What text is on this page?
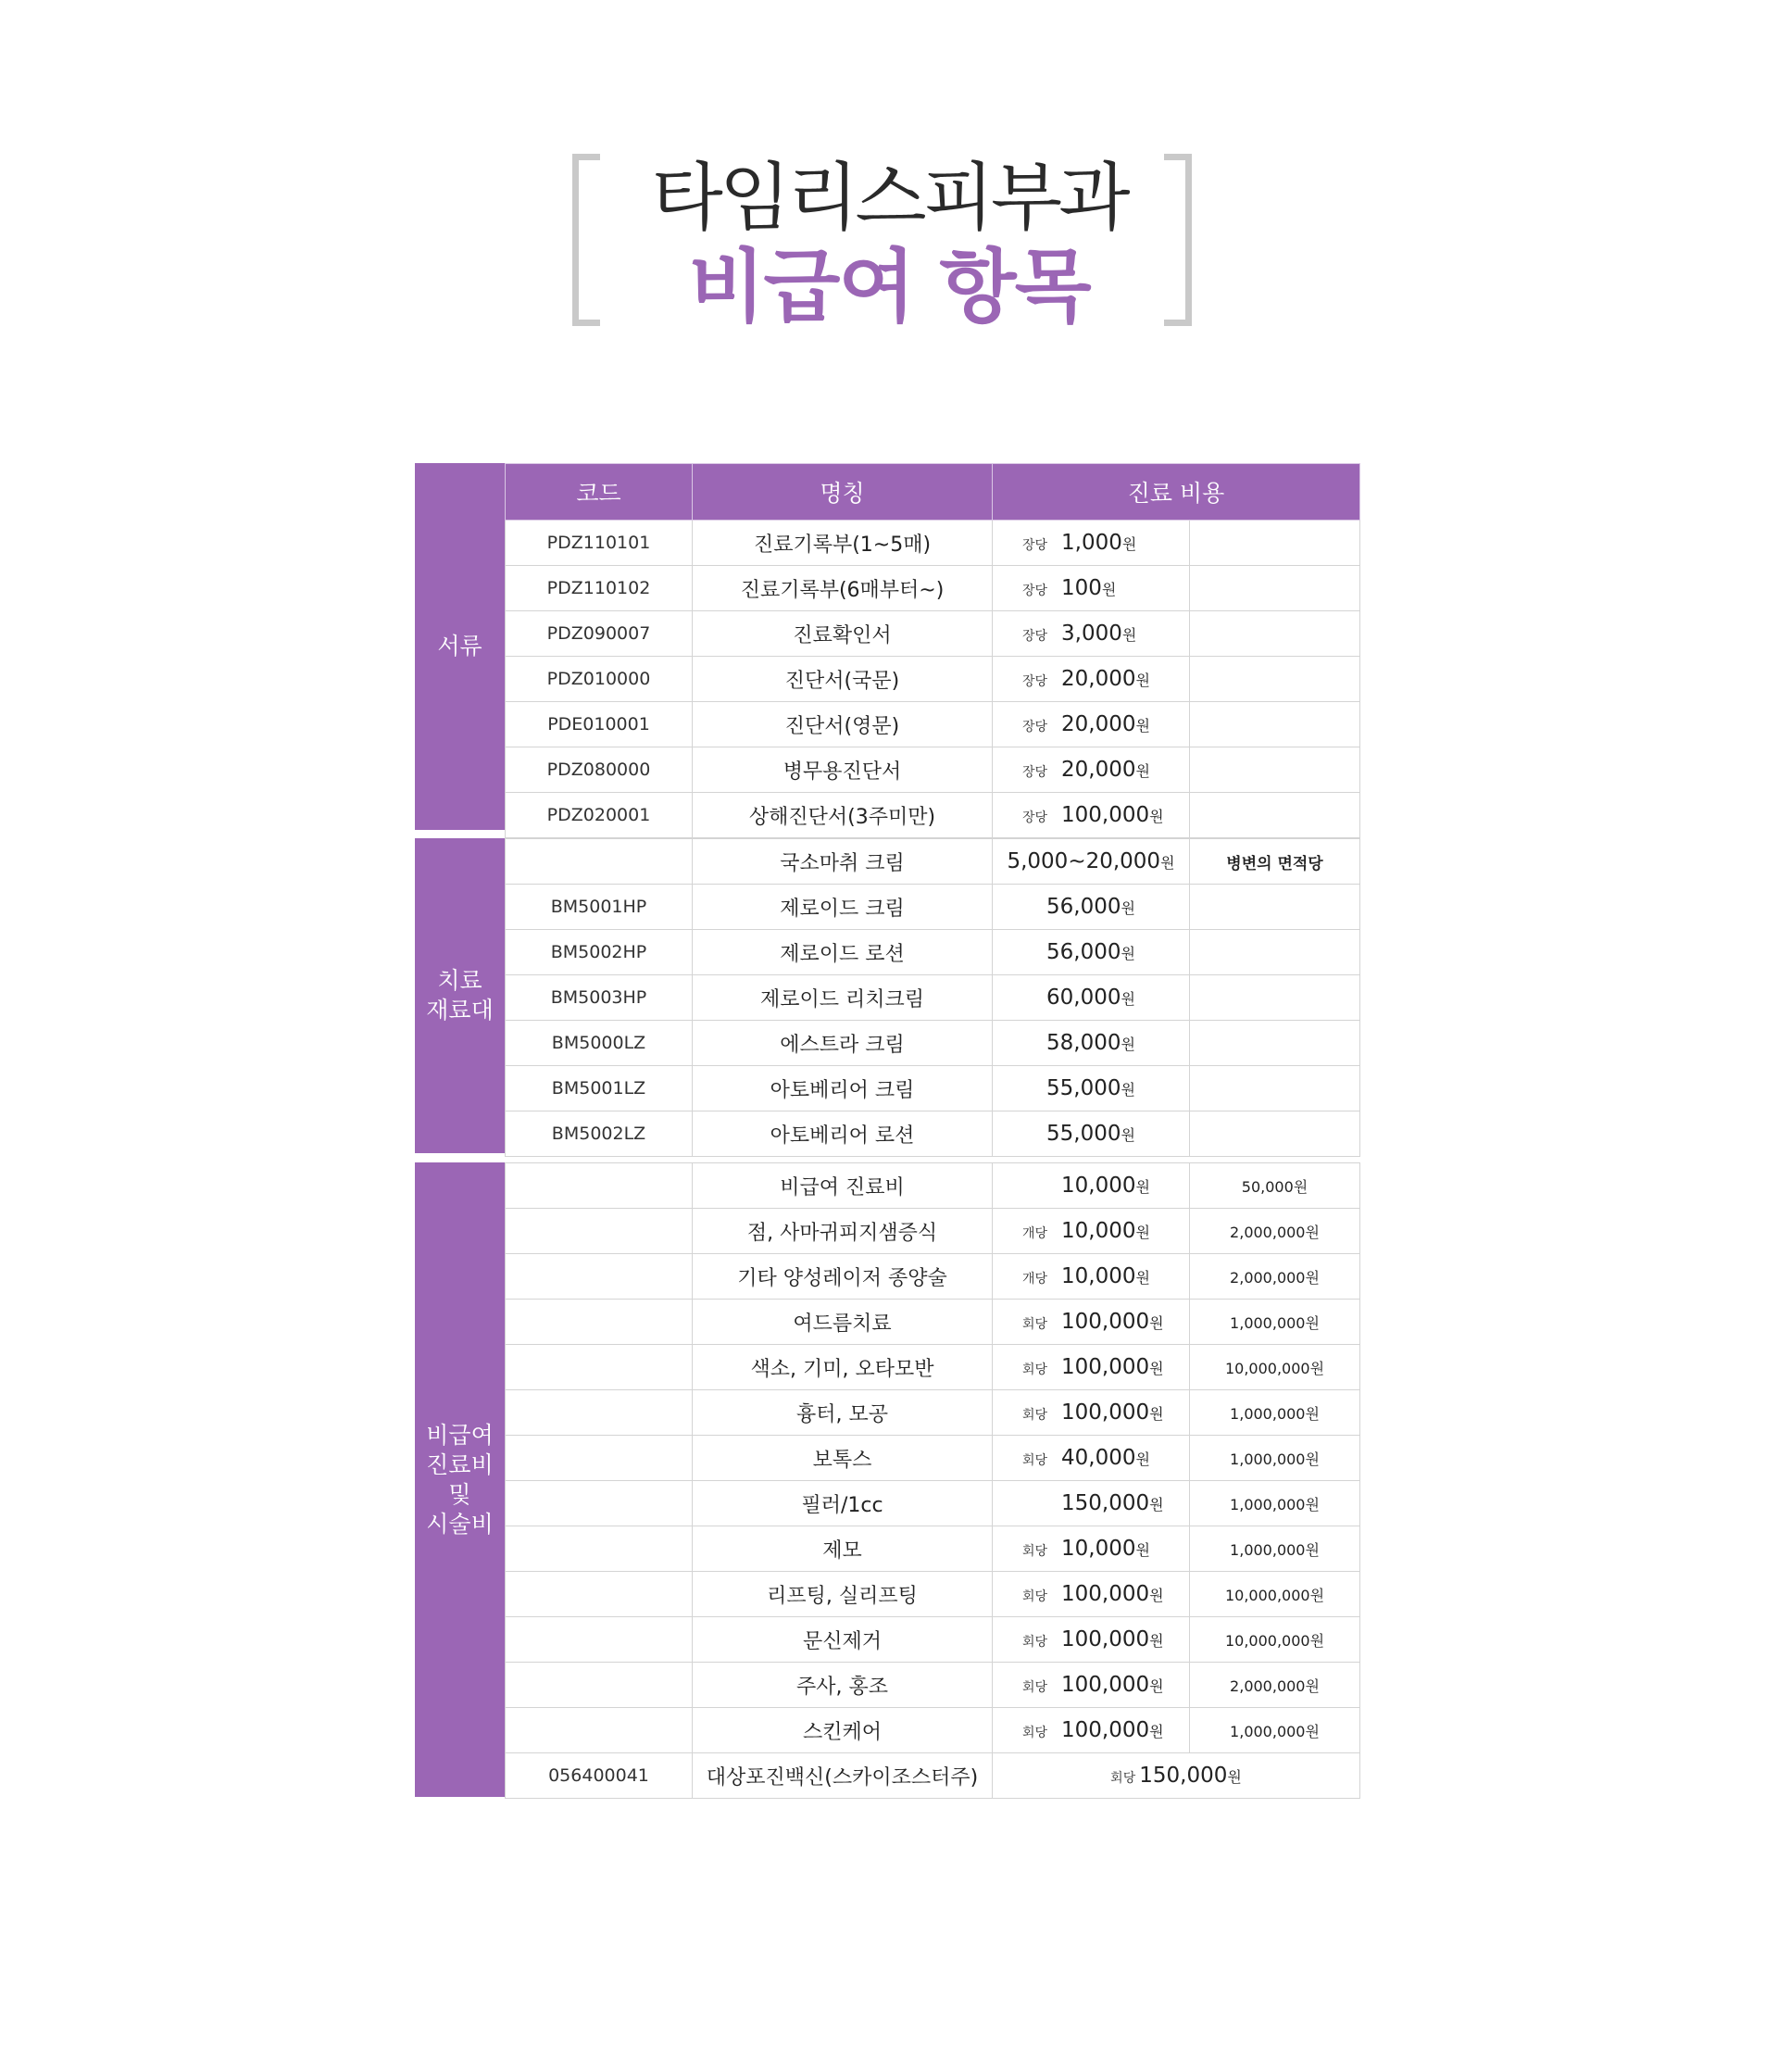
타임리스피부과
비급여 항목
서류
코드	명칭	진료 비용	
PDZ110101	진료기록부(1~5매)	장당 1,000원	
PDZ110102	진료기록부(6매부터~)	장당 100원	
PDZ090007	진료확인서	장당 3,000원	
PDZ010000	진단서(국문)	장당 20,000원	
PDE010001	진단서(영문)	장당 20,000원	
PDZ080000	병무용진단서	장당 20,000원	
PDZ020001	상해진단서(3주미만)	장당 100,000원	
치료
재료대
	국소마취 크림	5,000~20,000원	병변의 면적당
BM5001HP	제로이드 크림	56,000원	
BM5002HP	제로이드 로션	56,000원	
BM5003HP	제로이드 리치크림	60,000원	
BM5000LZ	에스트라 크림	58,000원	
BM5001LZ	아토베리어 크림	55,000원	
BM5002LZ	아토베리어 로션	55,000원	
비급여
진료비
및
시술비
	비급여 진료비	10,000원	50,000원
	점, 사마귀피지샘증식	개당 10,000원	2,000,000원
	기타 양성레이저 종양술	개당 10,000원	2,000,000원
	여드름치료	회당 100,000원	1,000,000원
	색소, 기미, 오타모반	회당 100,000원	10,000,000원
	흉터, 모공	회당 100,000원	1,000,000원
	보톡스	회당 40,000원	1,000,000원
	필러/1cc	150,000원	1,000,000원
	제모	회당 10,000원	1,000,000원
	리프팅, 실리프팅	회당 100,000원	10,000,000원
	문신제거	회당 100,000원	10,000,000원
	주사, 홍조	회당 100,000원	2,000,000원
	스킨케어	회당 100,000원	1,000,000원
056400041	대상포진백신(스카이조스터주)	회당 150,000원	
